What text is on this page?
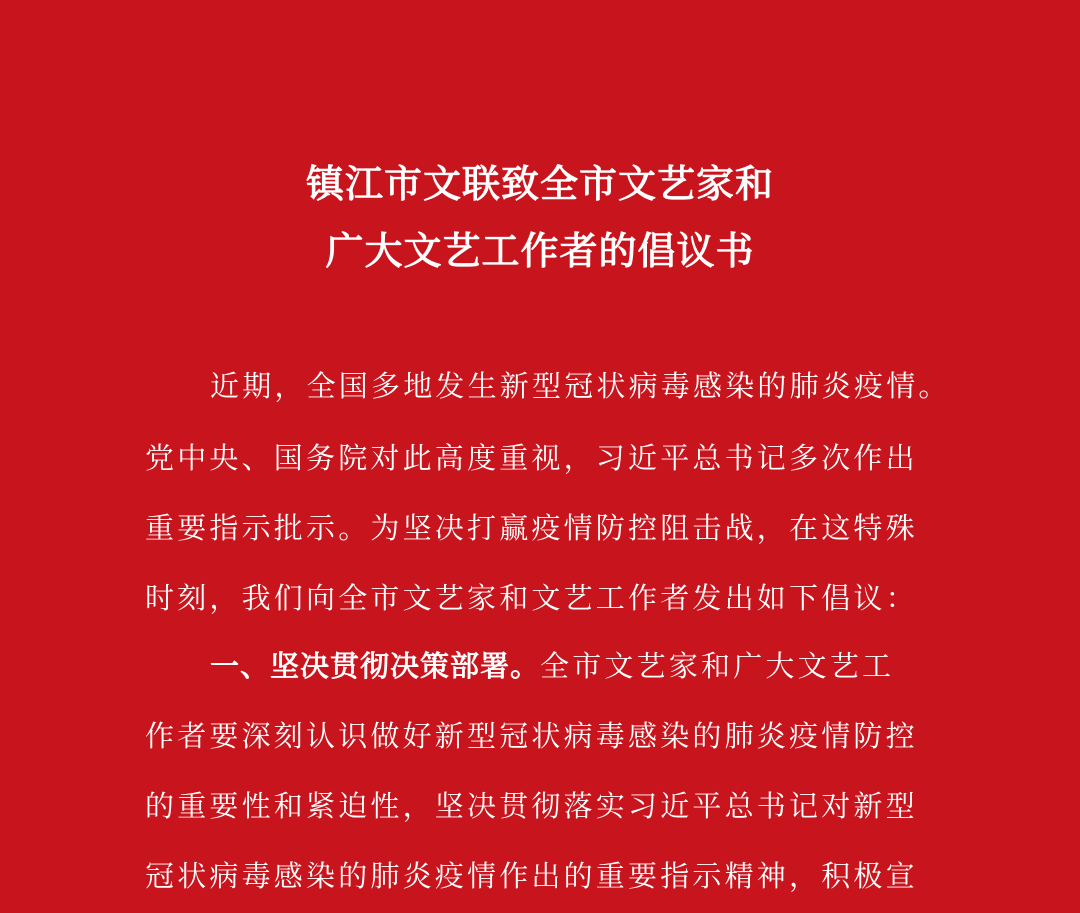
镇江市文联致全市文艺家和
广大文艺工作者的倡议书
近期，全国多地发生新型冠状病毒感染的肺炎疫情。
党中央、国务院对此高度重视，习近平总书记多次作出
重要指示批示。为坚决打赢疫情防控阻击战，在这特殊
时刻，我们向全市文艺家和文艺工作者发出如下倡议：
一、坚决贯彻决策部署。全市文艺家和广大文艺工
作者要深刻认识做好新型冠状病毒感染的肺炎疫情防控
的重要性和紧迫性，坚决贯彻落实习近平总书记对新型
冠状病毒感染的肺炎疫情作出的重要指示精神，积极宣
